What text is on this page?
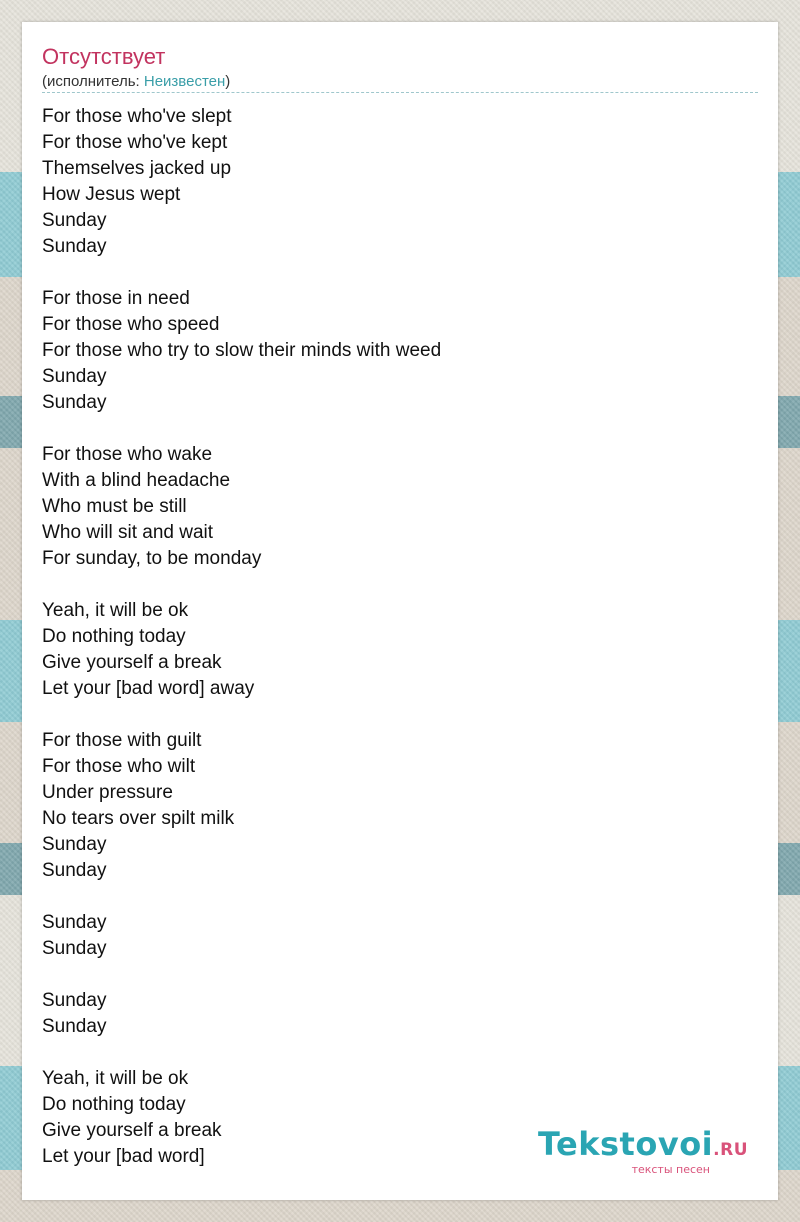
Отсутствует
(исполнитель: Неизвестен)
For those who've slept
For those who've kept
Themselves jacked up
How Jesus wept
Sunday
Sunday
For those in need
For those who speed
For those who try to slow their minds with weed
Sunday
Sunday
For those who wake
With a blind headache
Who must be still
Who will sit and wait
For sunday, to be monday
Yeah, it will be ok
Do nothing today
Give yourself a break
Let your [bad word] away
For those with guilt
For those who wilt
Under pressure
No tears over spilt milk
Sunday
Sunday
Sunday
Sunday
Sunday
Sunday
Yeah, it will be ok
Do nothing today
Give yourself a break
Let your [bad word]	Tekstovoi.RU
тексты песен
